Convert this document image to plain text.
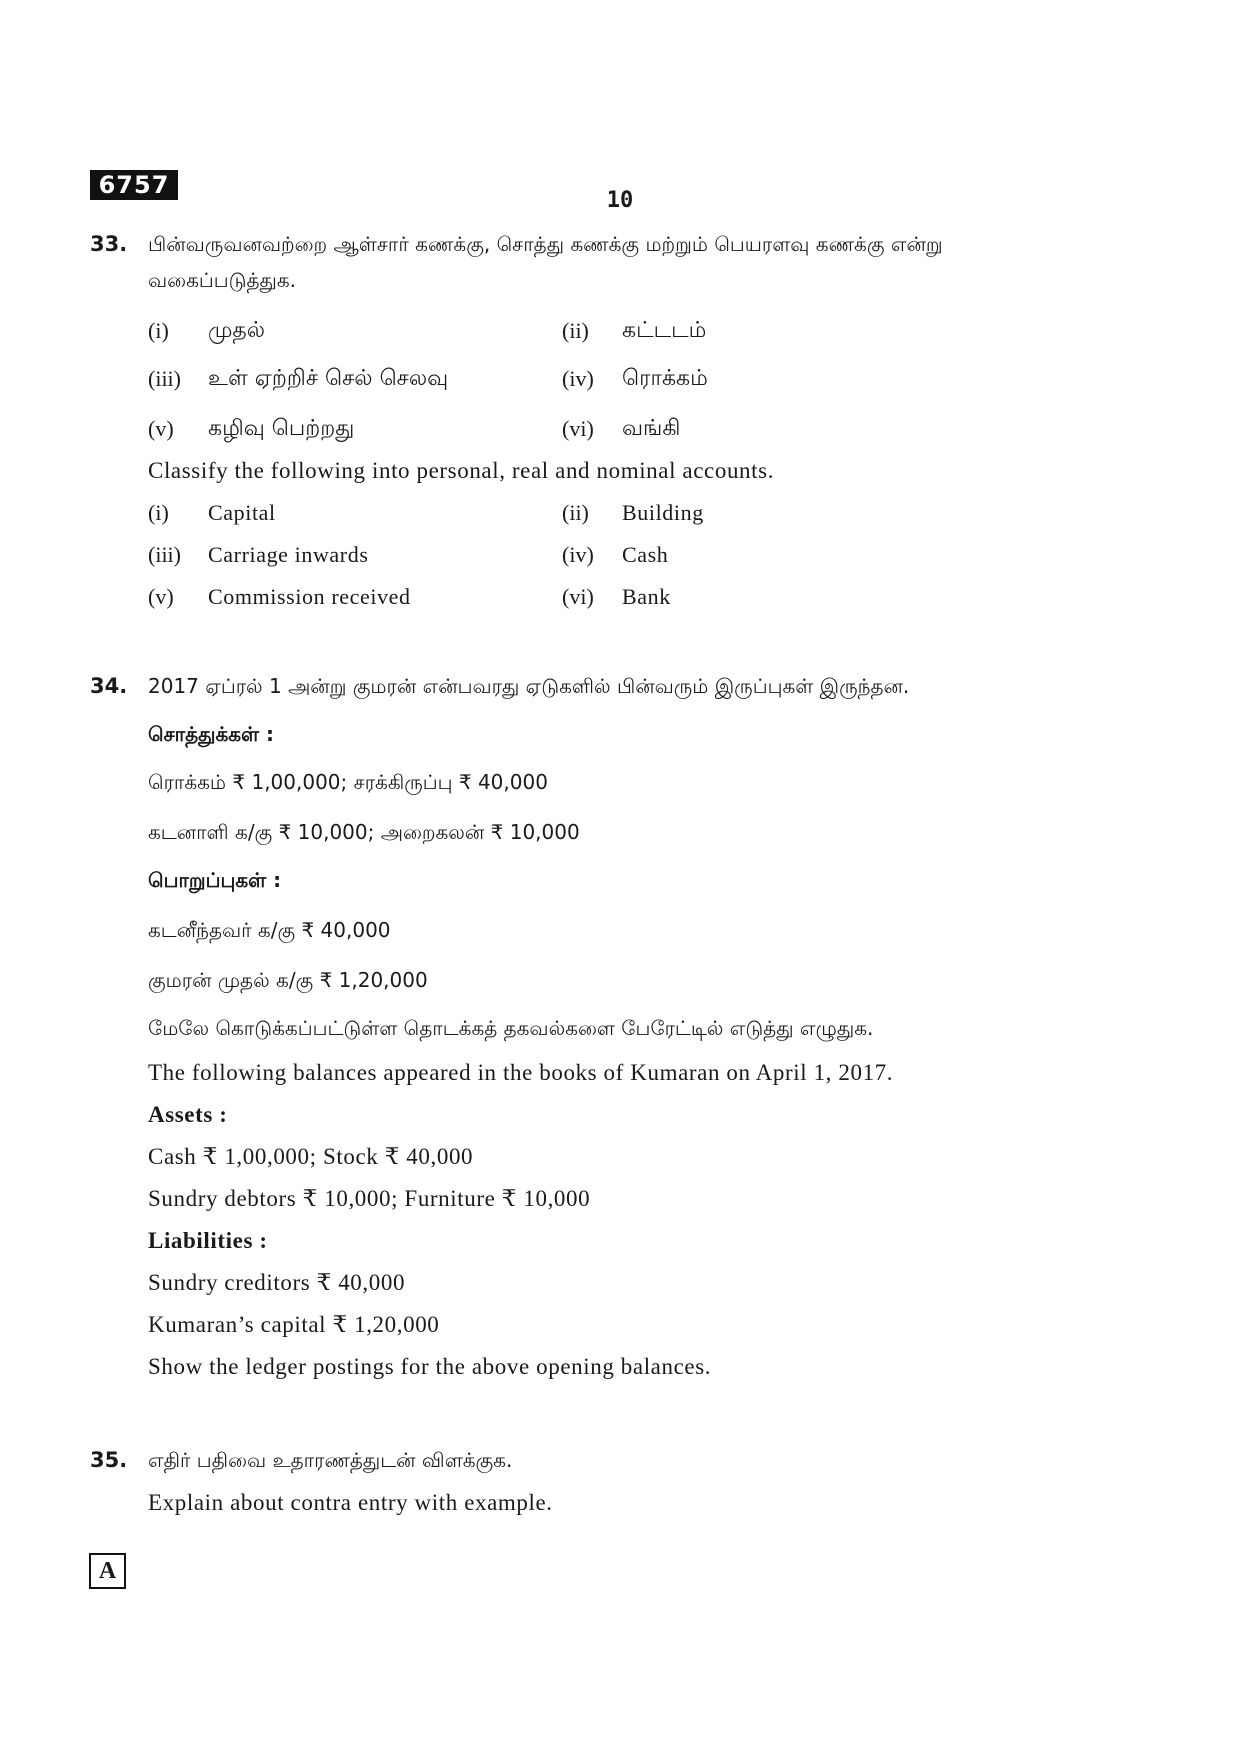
6757
10
33. பின்வருவனவற்றை ஆள்சார் கணக்கு, சொத்து கணக்கு மற்றும் பெயரளவு கணக்கு என்று
வகைப்படுத்துக.
(i) முதல்	(ii) கட்டடம்
(iii) உள் ஏற்றிச் செல் செலவு	(iv) ரொக்கம்
(v) கழிவு பெற்றது	(vi) வங்கி
Classify the following into personal, real and nominal accounts.
(i) Capital	(ii) Building
(iii) Carriage inwards	(iv) Cash
(v) Commission received	(vi) Bank
34. 2017 ஏப்ரல் 1 அன்று குமரன் என்பவரது ஏடுகளில் பின்வரும் இருப்புகள் இருந்தன.
சொத்துக்கள் :
ரொக்கம் ₹ 1,00,000; சரக்கிருப்பு ₹ 40,000
கடனாளி க/கு ₹ 10,000; அறைகலன் ₹ 10,000
பொறுப்புகள் :
கடனீந்தவர் க/கு ₹ 40,000
குமரன் முதல் க/கு ₹ 1,20,000
மேலே கொடுக்கப்பட்டுள்ள தொடக்கத் தகவல்களை பேரேட்டில் எடுத்து எழுதுக.
The following balances appeared in the books of Kumaran on April 1, 2017.
Assets :
Cash ₹ 1,00,000; Stock ₹ 40,000
Sundry debtors ₹ 10,000; Furniture ₹ 10,000
Liabilities :
Sundry creditors ₹ 40,000
Kumaran’s capital ₹ 1,20,000
Show the ledger postings for the above opening balances.
35. எதிர் பதிவை உதாரணத்துடன் விளக்குக.
Explain about contra entry with example.
A
